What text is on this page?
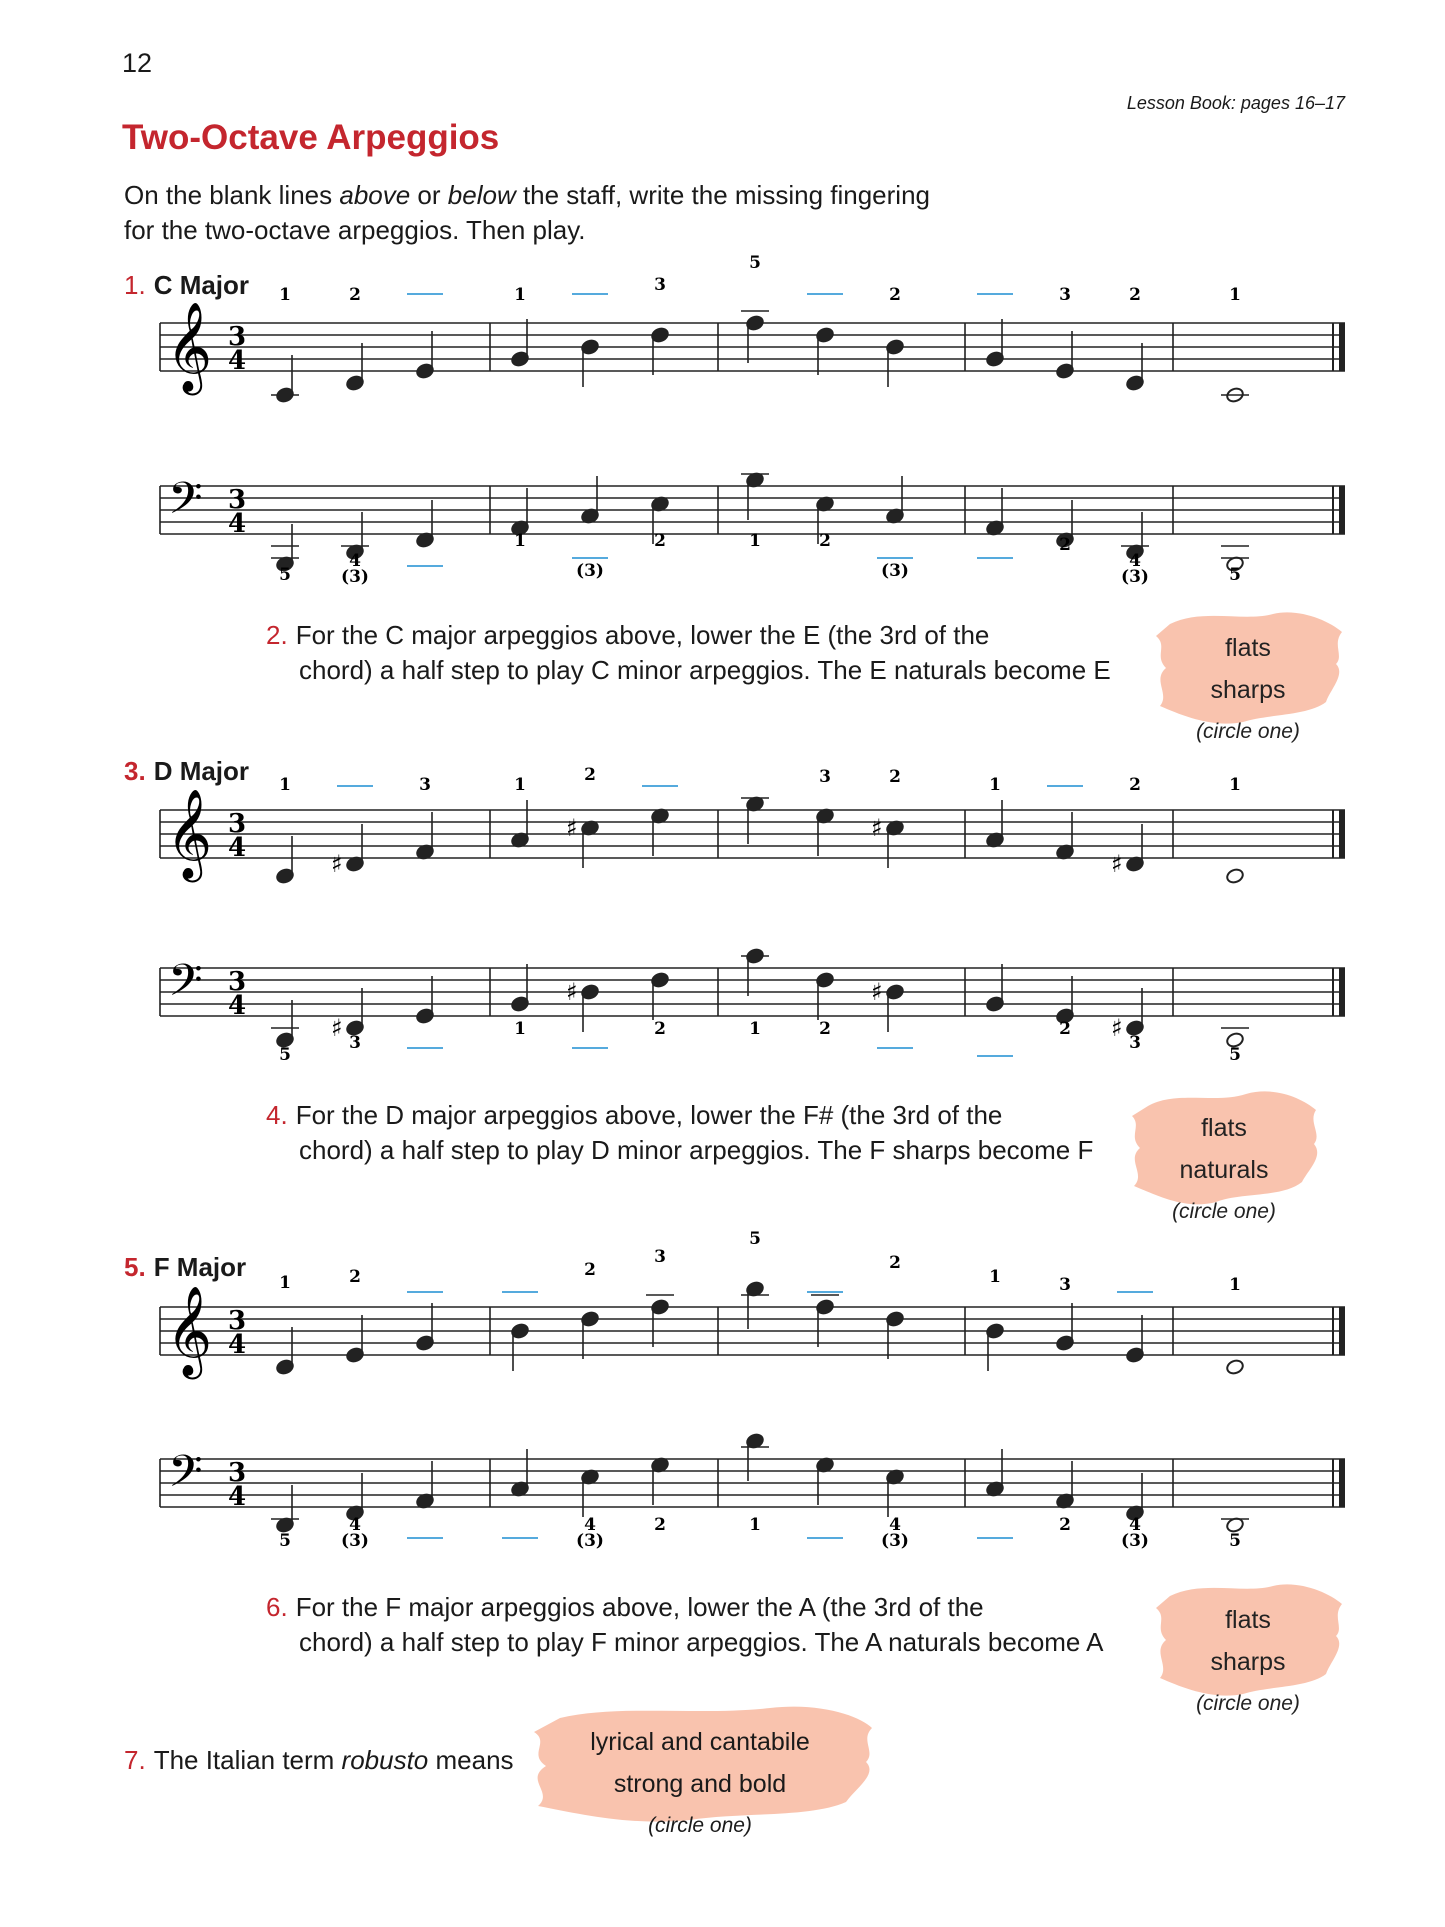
12
Lesson Book: pages 16–17
Two-Octave Arpeggios

On the blank lines above or below the staff, write the missing fingering

for the two-octave arpeggios. Then play.

1. C Major
3. D Major
5. F Major
𝄞 3
4
1	2	1	3
5
2	3	2	1
𝄢 3
4
5
4
(3)
1
(3)
2	1	2
(3)
2
4
(3)	5
𝄞 3
4
♯
♯	♯
♯
1	3	1	2	3	2	1	2	1
𝄢 3
4
♯
♯	♯
♯
5
3
1	2	1	2	2
3
5
𝄞 3
4
1	2	2
3
5
2
1	3	1
𝄢 3
4
5
4
(3)
4
(3)
2	1	4
(3)
2	4
(3)	5
2. For the C major arpeggios above, lower the E (the 3rd of the
chord) a half step to play C minor arpeggios. The E naturals become E
flats
sharps
(circle one)
4. For the D major arpeggios above, lower the F# (the 3rd of the
chord) a half step to play D minor arpeggios. The F sharps become F
flats
naturals
(circle one)
6. For the F major arpeggios above, lower the A (the 3rd of the
chord) a half step to play F minor arpeggios. The A naturals become A
flats
sharps
(circle one)
7. The Italian term robusto means
lyrical and cantabile
strong and bold
(circle one)
